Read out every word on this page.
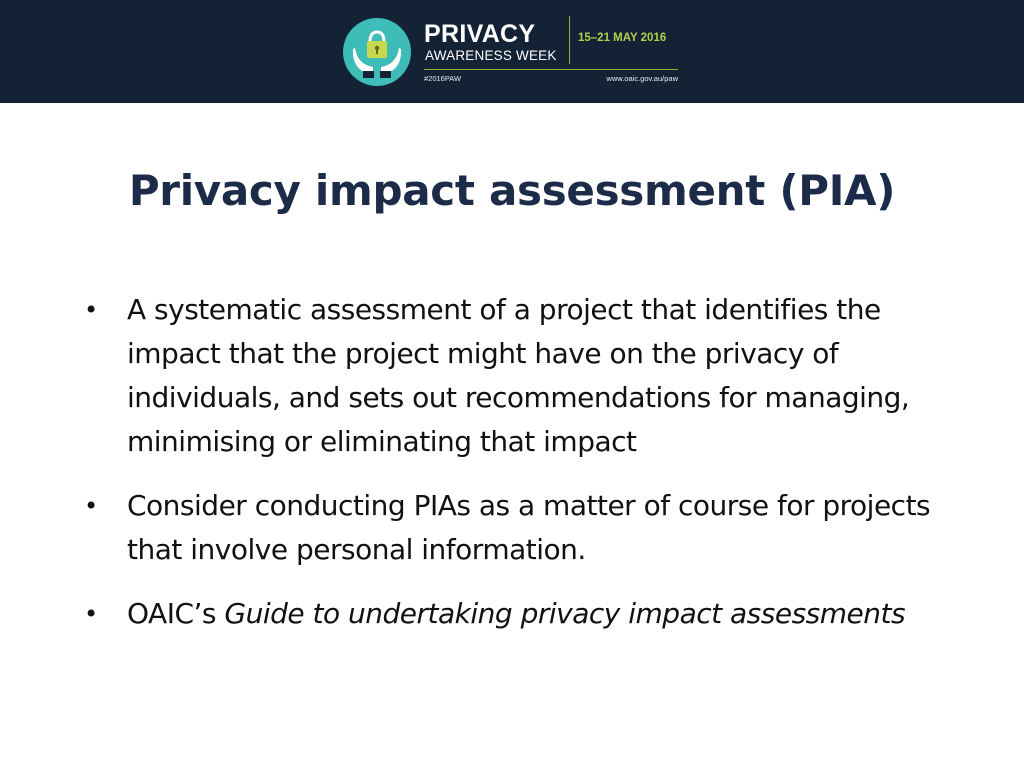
PRIVACY
AWARENESS WEEK
15–21 MAY 2016
#2016PAW	www.oaic.gov.au/paw
Privacy impact assessment (PIA)
• A systematic assessment of a project that identifies the impact that the project might have on the privacy of individuals, and sets out recommendations for managing, minimising or eliminating that impact
• Consider conducting PIAs as a matter of course for projects that involve personal information.
• OAIC’s Guide to undertaking privacy impact assessments
